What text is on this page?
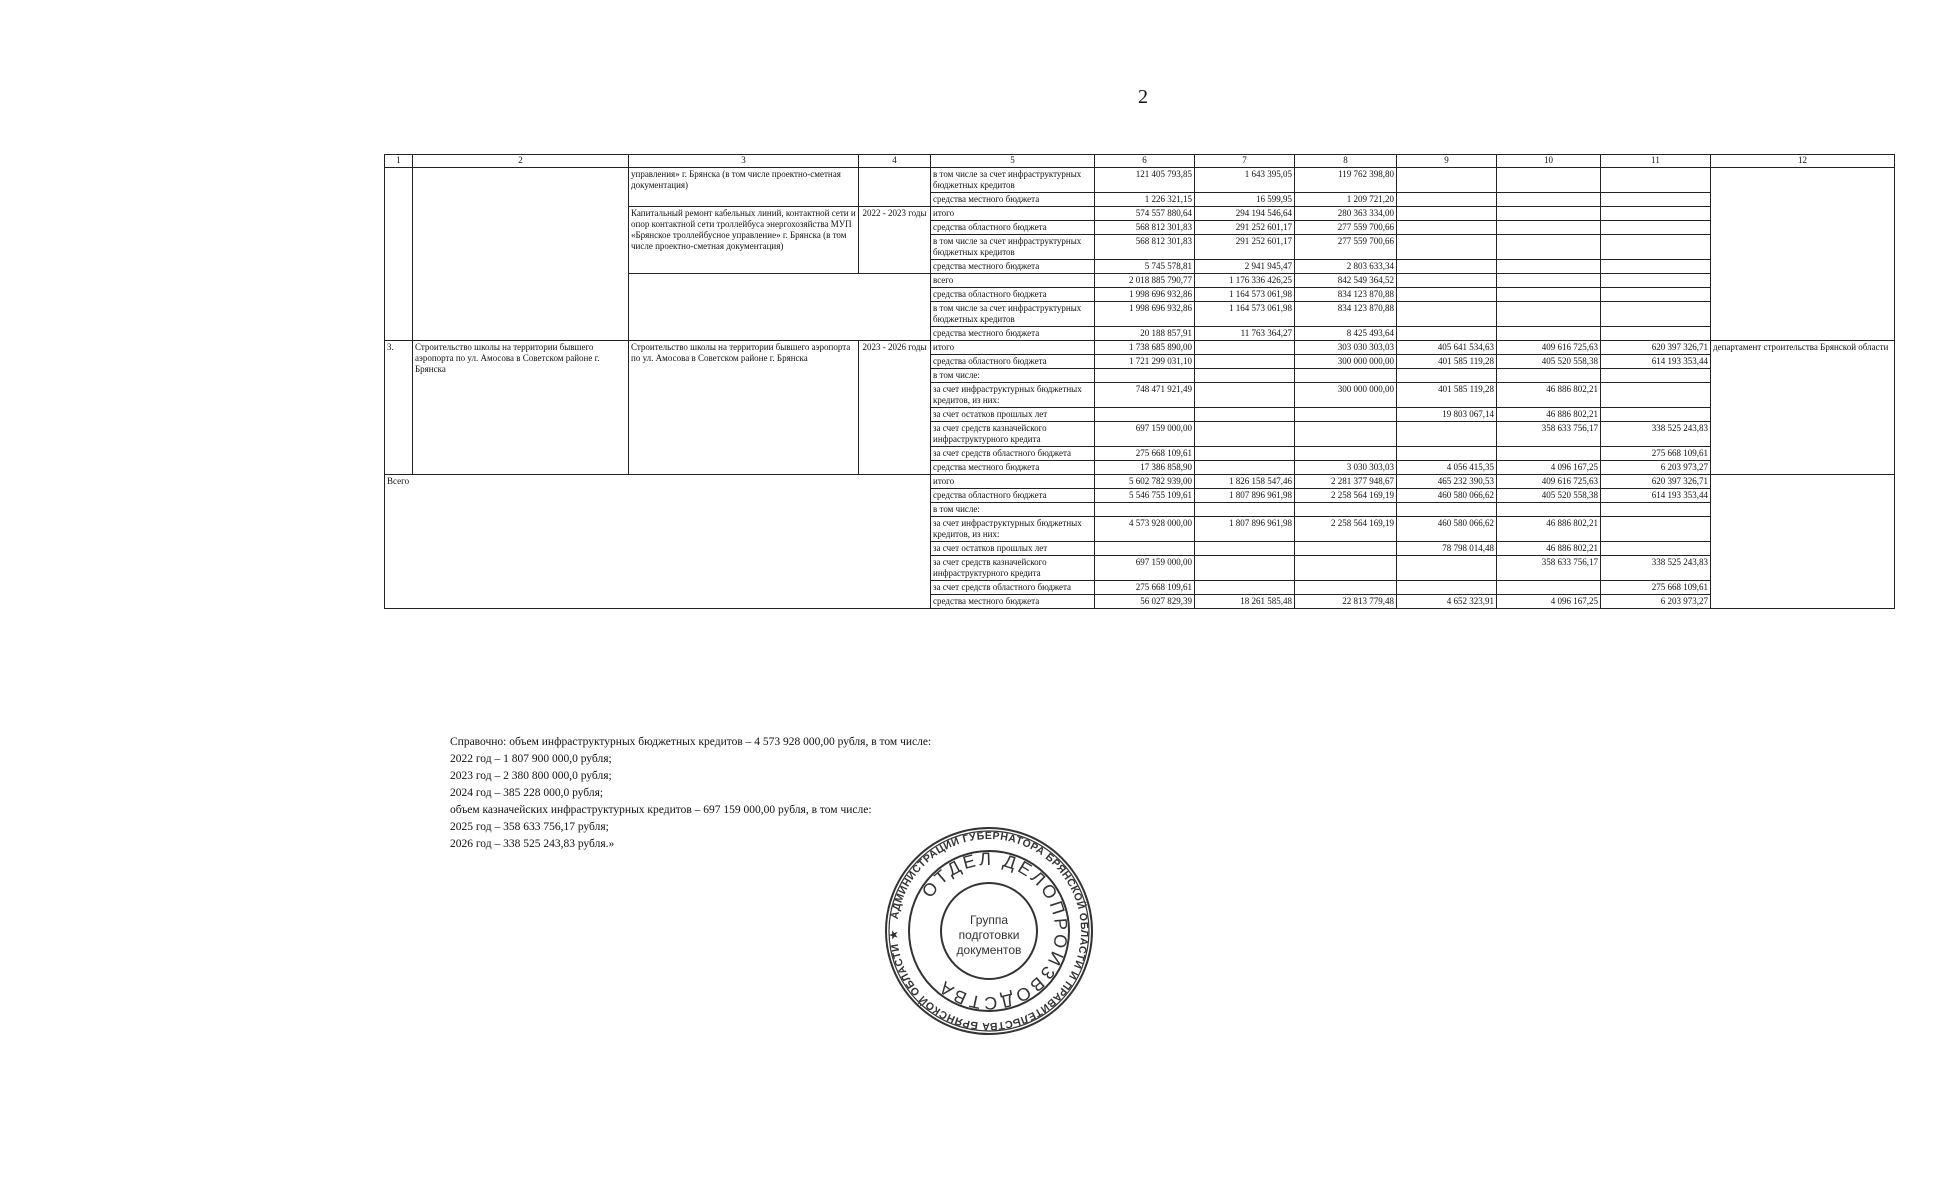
2
1	2	3	4	5	6	7	8	9	10	11	12
		управления» г. Брянска (в том числе проектно-сметная документация)		в том числе за счет инфраструктурных бюджетных кредитов	121 405 793,85	1 643 395,05	119 762 398,80				
				средства местного бюджета	1 226 321,15	16 599,95	1 209 721,20				
		Капитальный ремонт кабельных линий, контактной сети и опор контактной сети троллейбуса энергохозяйства МУП «Брянское троллейбусное управление» г. Брянска (в том числе проектно-сметная документация)	2022 - 2023 годы	итого	574 557 880,64	294 194 546,64	280 363 334,00				
				средства областного бюджета	568 812 301,83	291 252 601,17	277 559 700,66				
				в том числе за счет инфраструктурных бюджетных кредитов	568 812 301,83	291 252 601,17	277 559 700,66				
				средства местного бюджета	5 745 578,81	2 941 945,47	2 803 633,34				
				всего	2 018 885 790,77	1 176 336 426,25	842 549 364,52				
				средства областного бюджета	1 998 696 932,86	1 164 573 061,98	834 123 870,88				
				в том числе за счет инфраструктурных бюджетных кредитов	1 998 696 932,86	1 164 573 061,98	834 123 870,88				
				средства местного бюджета	20 188 857,91	11 763 364,27	8 425 493,64				
3.	Строительство школы на территории бывшего аэропорта по ул. Амосова в Советском районе г. Брянска	Строительство школы на территории бывшего аэропорта по ул. Амосова в Советском районе г. Брянска	2023 - 2026 годы	итого	1 738 685 890,00		303 030 303,03	405 641 534,63	409 616 725,63	620 397 326,71	департамент строительства Брянской области
				средства областного бюджета	1 721 299 031,10		300 000 000,00	401 585 119,28	405 520 558,38	614 193 353,44	
				в том числе:							
				за счет инфраструктурных бюджетных кредитов, из них:	748 471 921,49		300 000 000,00	401 585 119,28	46 886 802,21		
				за счет остатков прошлых лет				19 803 067,14	46 886 802,21		
				за счет средств казначейского инфраструктурного кредита	697 159 000,00				358 633 756,17	338 525 243,83	
				за счет средств областного бюджета	275 668 109,61					275 668 109,61	
				средства местного бюджета	17 386 858,90		3 030 303,03	4 056 415,35	4 096 167,25	6 203 973,27	
Всего				итого	5 602 782 939,00	1 826 158 547,46	2 281 377 948,67	465 232 390,53	409 616 725,63	620 397 326,71	
				средства областного бюджета	5 546 755 109,61	1 807 896 961,98	2 258 564 169,19	460 580 066,62	405 520 558,38	614 193 353,44	
				в том числе:							
				за счет инфраструктурных бюджетных кредитов, из них:	4 573 928 000,00	1 807 896 961,98	2 258 564 169,19	460 580 066,62	46 886 802,21		
				за счет остатков прошлых лет				78 798 014,48	46 886 802,21		
				за счет средств казначейского инфраструктурного кредита	697 159 000,00				358 633 756,17	338 525 243,83	
				за счет средств областного бюджета	275 668 109,61					275 668 109,61	
				средства местного бюджета	56 027 829,39	18 261 585,48	22 813 779,48	4 652 323,91	4 096 167,25	6 203 973,27	
Справочно: объем инфраструктурных бюджетных кредитов – 4 573 928 000,00 рубля, в том числе:
2022 год – 1 807 900 000,0 рубля;
2023 год – 2 380 800 000,0 рубля;
2024 год – 385 228 000,0 рубля;
объем казначейских инфраструктурных кредитов – 697 159 000,00 рубля, в том числе:
2025 год – 358 633 756,17 рубля;
2026 год – 338 525 243,83 рубля.»
АДМИНИСТРАЦИИ ГУБЕРНАТОРА БРЯНСКОЙ ОБЛАСТИ И ПРАВИТЕЛЬСТВА БРЯНСКОЙ ОБЛАСТИ ★
ОТДЕЛ ДЕЛОПРОИЗВОДСТВА
Группа
подготовки
документов
